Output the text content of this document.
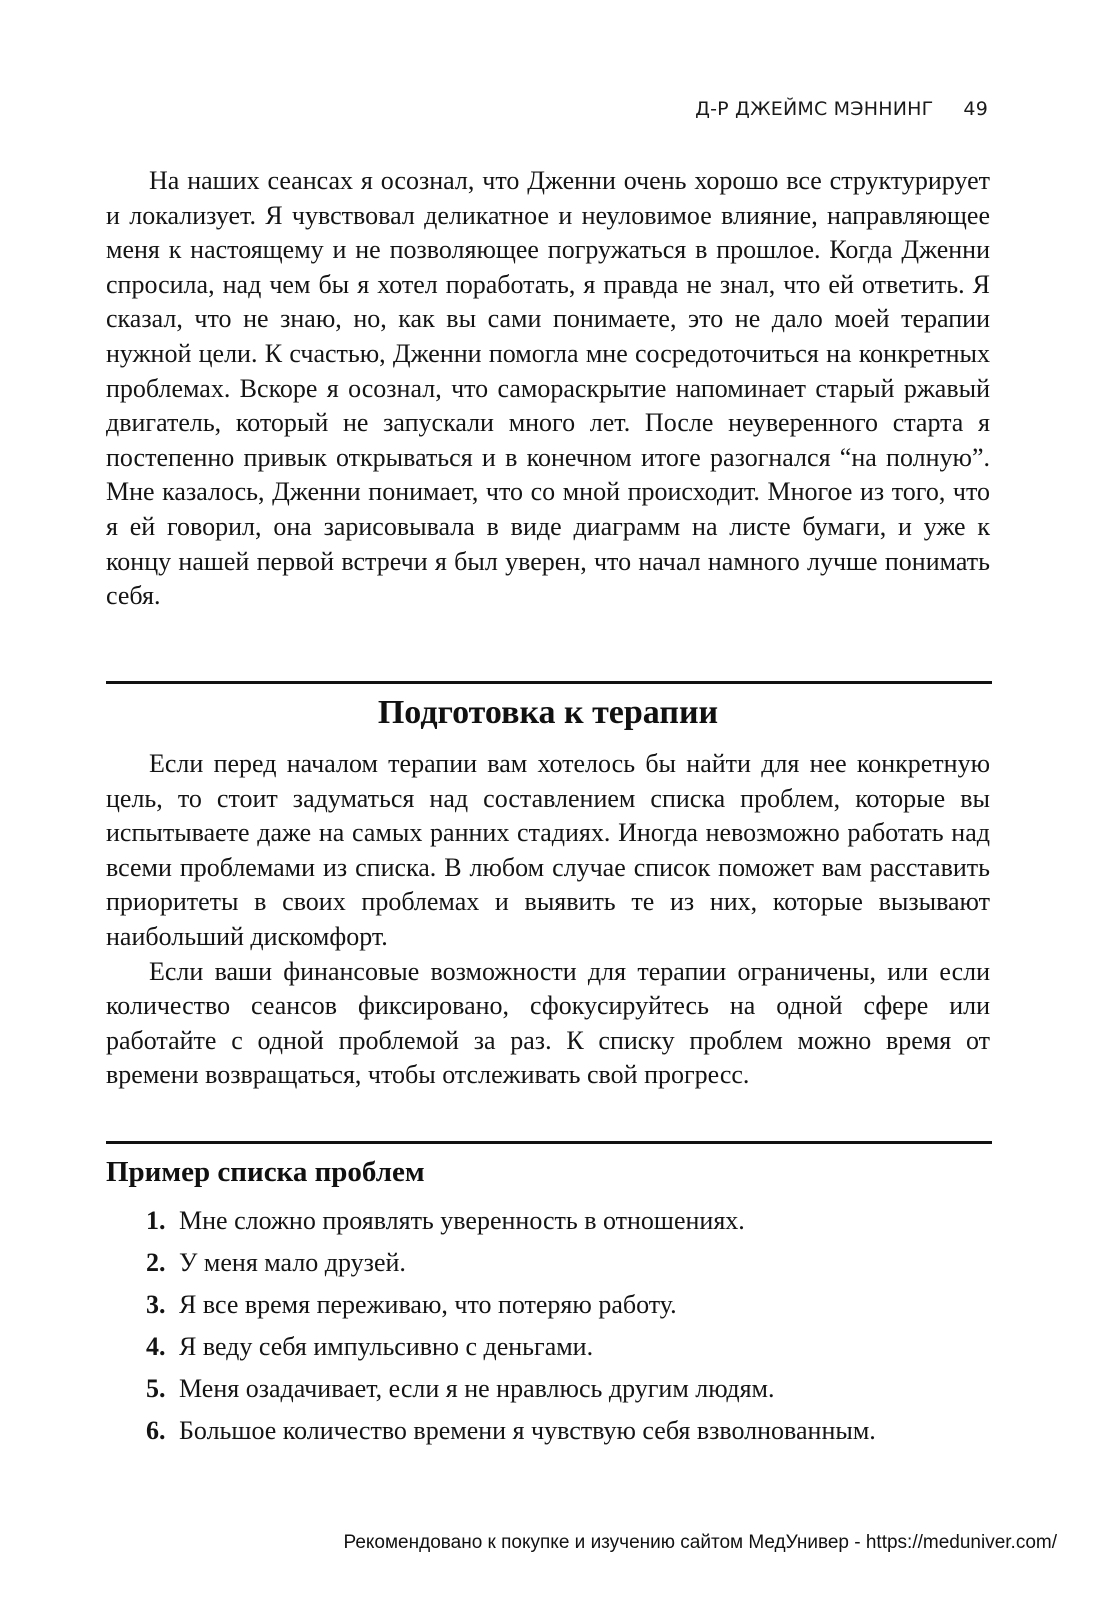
Д-Р ДЖЕЙМС МЭННИНГ 49

На наших сеансах я осознал, что Дженни очень хорошо все структурирует и локализует. Я чувствовал деликатное и неуловимое влияние, направляющее меня к настоящему и не позволяющее погружаться в прошлое. Когда Дженни спросила, над чем бы я хотел поработать, я правда не знал, что ей ответить. Я сказал, что не знаю, но, как вы сами понимаете, это не дало моей терапии нужной цели. К счастью, Дженни помогла мне сосредоточиться на конкретных проблемах. Вскоре я осознал, что самораскрытие напоминает старый ржавый двигатель, который не запускали много лет. После неуверенного старта я постепенно привык открываться и в конечном итоге разогнался “на полную”. Мне казалось, Дженни понимает, что со мной происходит. Многое из того, что я ей говорил, она зарисовывала в виде диаграмм на листе бумаги, и уже к концу нашей первой встречи я был уверен, что начал намного лучше понимать себя.

Подготовка к терапии

Если перед началом терапии вам хотелось бы найти для нее конкретную цель, то стоит задуматься над составлением списка проблем, которые вы испытываете даже на самых ранних стадиях. Иногда невозможно работать над всеми проблемами из списка. В любом случае список поможет вам расставить приоритеты в своих проблемах и выявить те из них, которые вызывают наибольший дискомфорт.

Если ваши финансовые возможности для терапии ограничены, или если количество сеансов фиксировано, сфокусируйтесь на одной сфере или работайте с одной проблемой за раз. К списку проблем можно время от времени возвращаться, чтобы отслеживать свой прогресс.

Пример списка проблем
1. Мне сложно проявлять уверенность в отношениях.
2. У меня мало друзей.
3. Я все время переживаю, что потеряю работу.
4. Я веду себя импульсивно с деньгами.
5. Меня озадачивает, если я не нравлюсь другим людям.
6. Большое количество времени я чувствую себя взволнованным.
Рекомендовано к покупке и изучению сайтом МедУнивер - https://meduniver.com/
